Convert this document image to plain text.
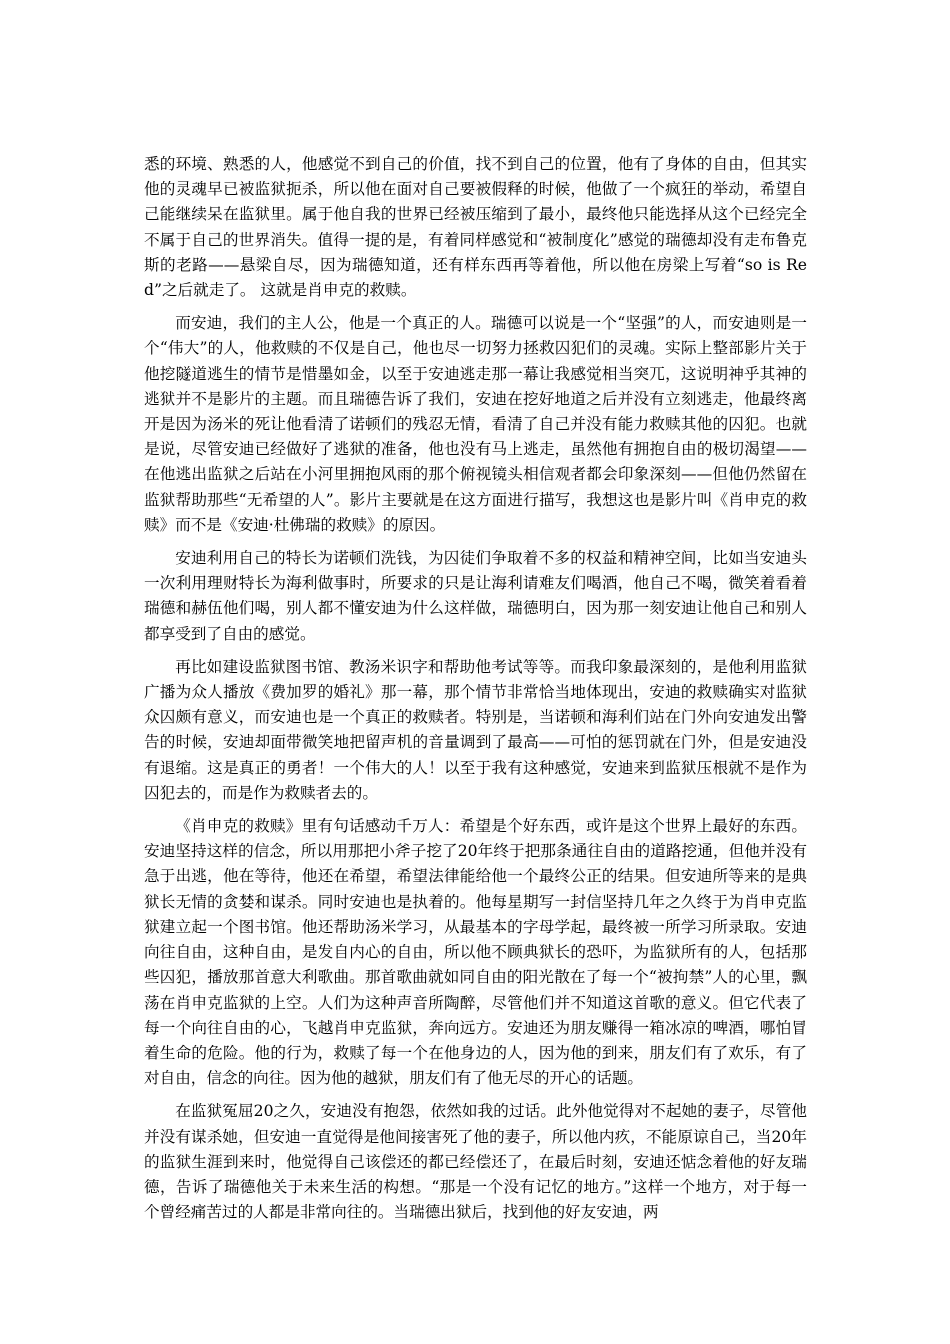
悉的环境、熟悉的人，他感觉不到自己的价值，找不到自己的位置，他有了身体的自由，但其实他的灵魂早已被监狱扼杀，所以他在面对自己要被假释的时候，他做了一个疯狂的举动，希望自己能继续呆在监狱里。属于他自我的世界已经被压缩到了最小，最终他只能选择从这个已经完全不属于自己的世界消失。值得一提的是，有着同样感觉和“被制度化”感觉的瑞德却没有走布鲁克斯的老路——悬梁自尽，因为瑞德知道，还有样东西再等着他，所以他在房梁上写着“so is Red”之后就走了。 这就是肖申克的救赎。

而安迪，我们的主人公，他是一个真正的人。瑞德可以说是一个“坚强”的人，而安迪则是一个“伟大”的人，他救赎的不仅是自己，他也尽一切努力拯救囚犯们的灵魂。实际上整部影片关于他挖隧道逃生的情节是惜墨如金，以至于安迪逃走那一幕让我感觉相当突兀，这说明神乎其神的逃狱并不是影片的主题。而且瑞德告诉了我们，安迪在挖好地道之后并没有立刻逃走，他最终离开是因为汤米的死让他看清了诺顿们的残忍无情，看清了自己并没有能力救赎其他的囚犯。也就是说，尽管安迪已经做好了逃狱的准备，他也没有马上逃走，虽然他有拥抱自由的极切渴望——在他逃出监狱之后站在小河里拥抱风雨的那个俯视镜头相信观者都会印象深刻——但他仍然留在监狱帮助那些“无希望的人”。影片主要就是在这方面进行描写，我想这也是影片叫《肖申克的救赎》而不是《安迪·杜佛瑞的救赎》的原因。

安迪利用自己的特长为诺顿们洗钱，为囚徒们争取着不多的权益和精神空间，比如当安迪头一次利用理财特长为海利做事时，所要求的只是让海利请难友们喝酒，他自己不喝，微笑着看着瑞德和赫伍他们喝，别人都不懂安迪为什么这样做，瑞德明白，因为那一刻安迪让他自己和别人都享受到了自由的感觉。

再比如建设监狱图书馆、教汤米识字和帮助他考试等等。而我印象最深刻的，是他利用监狱广播为众人播放《费加罗的婚礼》那一幕，那个情节非常恰当地体现出，安迪的救赎确实对监狱众囚颇有意义，而安迪也是一个真正的救赎者。特别是，当诺顿和海利们站在门外向安迪发出警告的时候，安迪却面带微笑地把留声机的音量调到了最高——可怕的惩罚就在门外，但是安迪没有退缩。这是真正的勇者！一个伟大的人！以至于我有这种感觉，安迪来到监狱压根就不是作为囚犯去的，而是作为救赎者去的。

《肖申克的救赎》里有句话感动千万人：希望是个好东西，或许是这个世界上最好的东西。安迪坚持这样的信念，所以用那把小斧子挖了20年终于把那条通往自由的道路挖通，但他并没有急于出逃，他在等待，他还在希望，希望法律能给他一个最终公正的结果。但安迪所等来的是典狱长无情的贪婪和谋杀。同时安迪也是执着的。他每星期写一封信坚持几年之久终于为肖申克监狱建立起一个图书馆。他还帮助汤米学习，从最基本的字母学起，最终被一所学习所录取。安迪向往自由，这种自由，是发自内心的自由，所以他不顾典狱长的恐吓，为监狱所有的人，包括那些囚犯，播放那首意大利歌曲。那首歌曲就如同自由的阳光散在了每一个“被拘禁”人的心里，飘荡在肖申克监狱的上空。人们为这种声音所陶醉，尽管他们并不知道这首歌的意义。但它代表了每一个向往自由的心，飞越肖申克监狱，奔向远方。安迪还为朋友赚得一箱冰凉的啤酒，哪怕冒着生命的危险。他的行为，救赎了每一个在他身边的人，因为他的到来，朋友们有了欢乐，有了对自由，信念的向往。因为他的越狱，朋友们有了他无尽的开心的话题。

在监狱冤屈20之久，安迪没有抱怨，依然如我的过话。此外他觉得对不起她的妻子，尽管他并没有谋杀她，但安迪一直觉得是他间接害死了他的妻子，所以他内疚，不能原谅自己，当20年的监狱生涯到来时，他觉得自己该偿还的都已经偿还了，在最后时刻，安迪还惦念着他的好友瑞德，告诉了瑞德他关于未来生活的构想。“那是一个没有记忆的地方。”这样一个地方，对于每一个曾经痛苦过的人都是非常向往的。当瑞德出狱后，找到他的好友安迪，两
